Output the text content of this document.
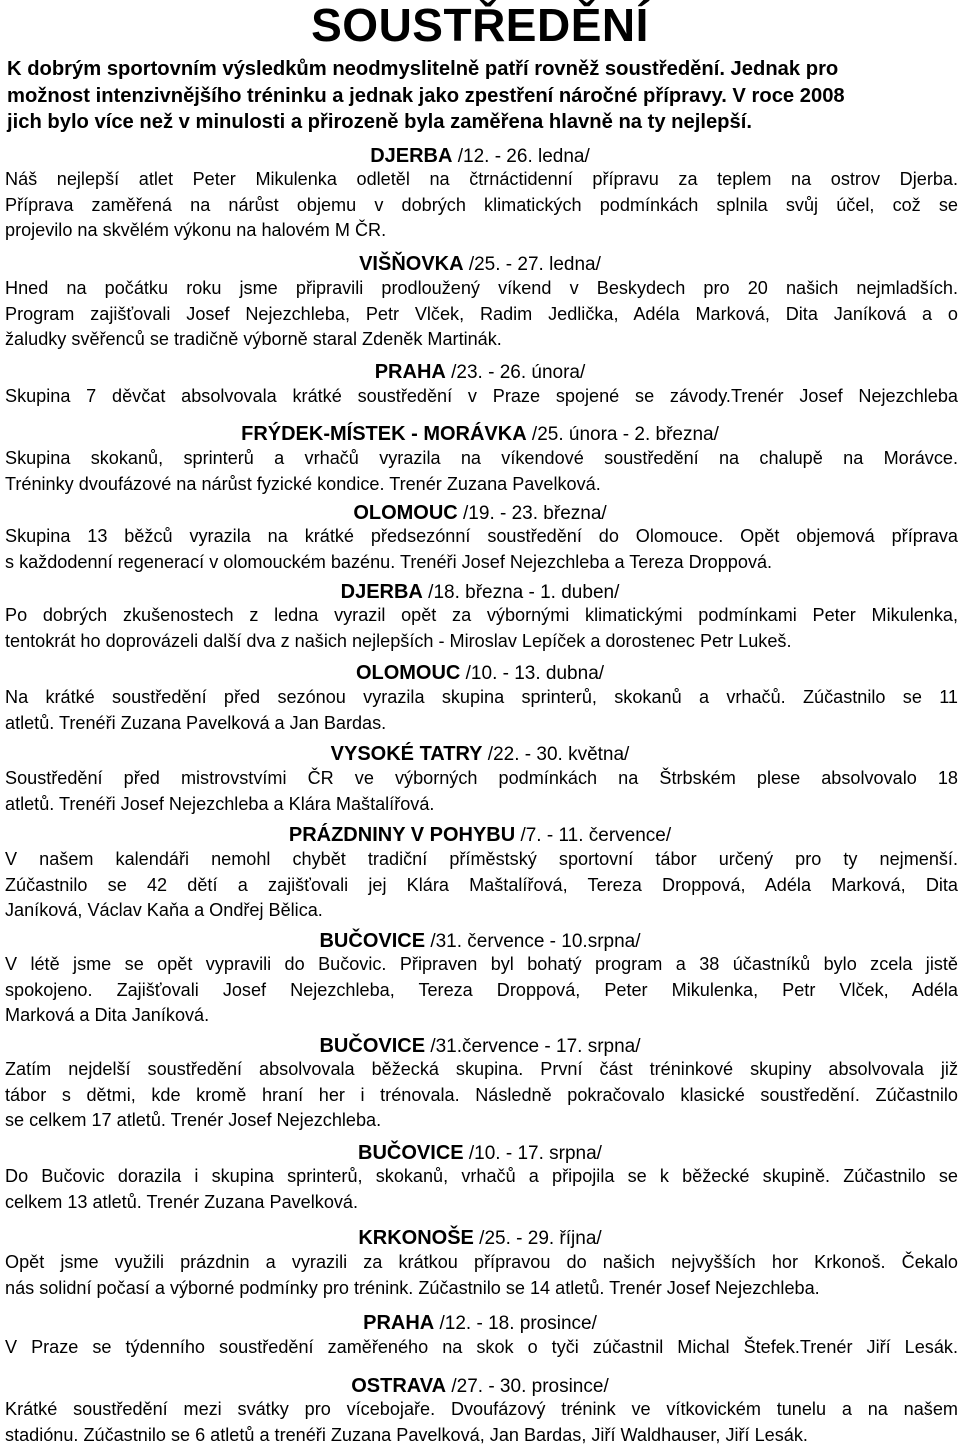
SOUSTŘEDĚNÍ
K dobrým sportovním výsledkům neodmyslitelně patří rovněž soustředění. Jednak pro
možnost intenzivnějšího tréninku a jednak jako zpestření náročné přípravy. V roce 2008
jich bylo více než v minulosti a přirozeně byla zaměřena hlavně na ty nejlepší.
DJERBA /12. - 26. ledna/
Náš nejlepší atlet Peter Mikulenka odletěl na čtrnáctidenní přípravu za teplem na ostrov Djerba.
Příprava zaměřená na nárůst objemu v dobrých klimatických podmínkách splnila svůj účel, což se
projevilo na skvělém výkonu na halovém M ČR.
VIŠŇOVKA /25. - 27. ledna/
Hned na počátku roku jsme připravili prodloužený víkend v Beskydech pro 20 našich nejmladších.
Program zajišťovali Josef Nejezchleba, Petr Vlček, Radim Jedlička, Adéla Marková, Dita Janíková a o
žaludky svěřenců se tradičně výborně staral Zdeněk Martinák.
PRAHA /23. - 26. února/
Skupina 7 děvčat absolvovala krátké soustředění v Praze spojené se závody.Trenér Josef Nejezchleba
FRÝDEK-MÍSTEK - MORÁVKA /25. února - 2. března/
Skupina skokanů, sprinterů a vrhačů vyrazila na víkendové soustředění na chalupě na Morávce.
Tréninky dvoufázové na nárůst fyzické kondice. Trenér Zuzana Pavelková.
OLOMOUC /19. - 23. března/
Skupina 13 běžců vyrazila na krátké předsezónní soustředění do Olomouce. Opět objemová příprava
s každodenní regenerací v olomouckém bazénu. Trenéři Josef Nejezchleba a Tereza Droppová.
DJERBA /18. března - 1. duben/
Po dobrých zkušenostech z ledna vyrazil opět za výbornými klimatickými podmínkami Peter Mikulenka,
tentokrát ho doprovázeli další dva z našich nejlepších - Miroslav Lepíček a dorostenec Petr Lukeš.
OLOMOUC /10. - 13. dubna/
Na krátké soustředění před sezónou vyrazila skupina sprinterů, skokanů a vrhačů. Zúčastnilo se 11
atletů. Trenéři Zuzana Pavelková a Jan Bardas.
VYSOKÉ TATRY /22. - 30. května/
Soustředění před mistrovstvími ČR ve výborných podmínkách na Štrbském plese absolvovalo 18
atletů. Trenéři Josef Nejezchleba a Klára Maštalířová.
PRÁZDNINY V POHYBU /7. - 11. července/
V našem kalendáři nemohl chybět tradiční příměstský sportovní tábor určený pro ty nejmenší.
Zúčastnilo se 42 dětí a zajišťovali jej Klára Maštalířová, Tereza Droppová, Adéla Marková, Dita
Janíková, Václav Kaňa a Ondřej Bělica.
BUČOVICE /31. července - 10.srpna/
V létě jsme se opět vypravili do Bučovic. Připraven byl bohatý program a 38 účastníků bylo zcela jistě
spokojeno. Zajišťovali Josef Nejezchleba, Tereza Droppová, Peter Mikulenka, Petr Vlček, Adéla
Marková a Dita Janíková.
BUČOVICE /31.července - 17. srpna/
Zatím nejdelší soustředění absolvovala běžecká skupina. První část tréninkové skupiny absolvovala již
tábor s dětmi, kde kromě hraní her i trénovala. Následně pokračovalo klasické soustředění. Zúčastnilo
se celkem 17 atletů. Trenér Josef Nejezchleba.
BUČOVICE /10. - 17. srpna/
Do Bučovic dorazila i skupina sprinterů, skokanů, vrhačů a připojila se k běžecké skupině. Zúčastnilo se
celkem 13 atletů. Trenér Zuzana Pavelková.
KRKONOŠE /25. - 29. října/
Opět jsme využili prázdnin a vyrazili za krátkou přípravou do našich nejvyšších hor Krkonoš. Čekalo
nás solidní počasí a výborné podmínky pro trénink. Zúčastnilo se 14 atletů. Trenér Josef Nejezchleba.
PRAHA /12. - 18. prosince/
V Praze se týdenního soustředění zaměřeného na skok o tyči zúčastnil Michal Štefek.Trenér Jiří Lesák.
OSTRAVA /27. - 30. prosince/
Krátké soustředění mezi svátky pro vícebojaře. Dvoufázový trénink ve vítkovickém tunelu a na našem
stadiónu. Zúčastnilo se 6 atletů a trenéři Zuzana Pavelková, Jan Bardas, Jiří Waldhauser, Jiří Lesák.
